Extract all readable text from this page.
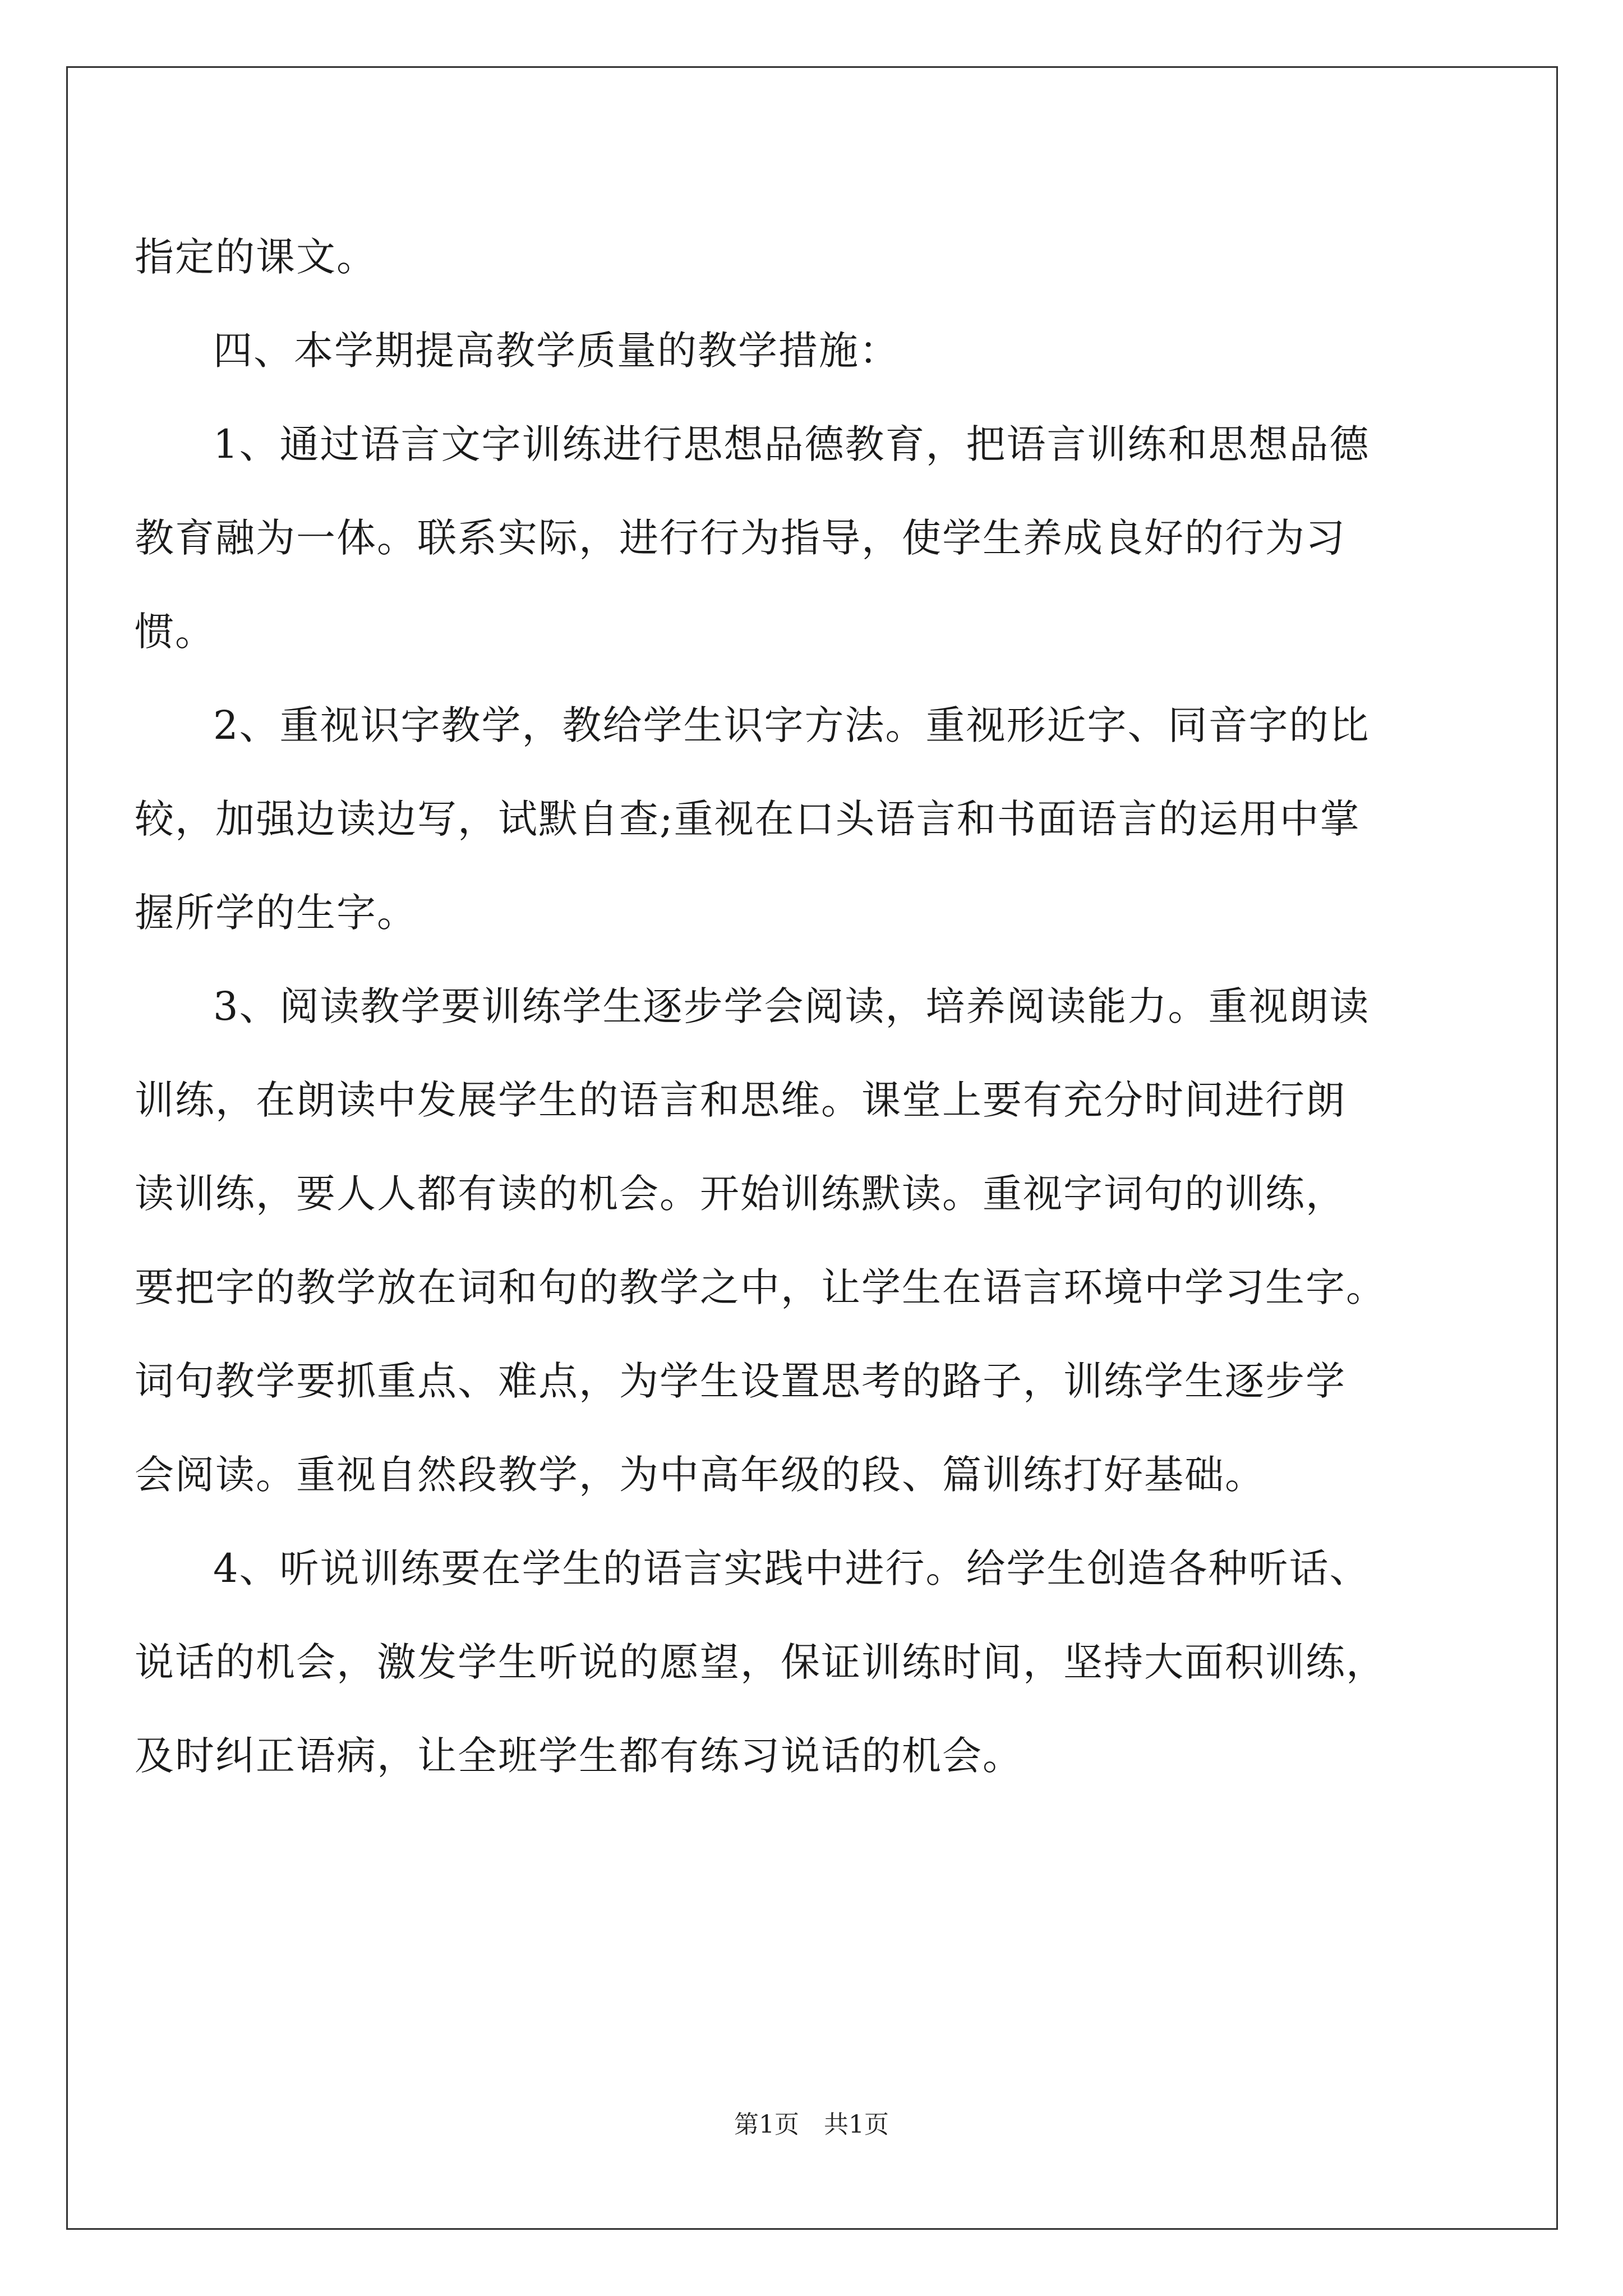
指定的课文。
四、本学期提高教学质量的教学措施：
1、通过语言文字训练进行思想品德教育，把语言训练和思想品德
教育融为一体。联系实际，进行行为指导，使学生养成良好的行为习
惯。
2、重视识字教学，教给学生识字方法。重视形近字、同音字的比
较，加强边读边写，试默自查;重视在口头语言和书面语言的运用中掌
握所学的生字。
3、阅读教学要训练学生逐步学会阅读，培养阅读能力。重视朗读
训练，在朗读中发展学生的语言和思维。课堂上要有充分时间进行朗
读训练，要人人都有读的机会。开始训练默读。重视字词句的训练，
要把字的教学放在词和句的教学之中，让学生在语言环境中学习生字。
词句教学要抓重点、难点，为学生设置思考的路子，训练学生逐步学
会阅读。重视自然段教学，为中高年级的段、篇训练打好基础。
4、听说训练要在学生的语言实践中进行。给学生创造各种听话、
说话的机会，激发学生听说的愿望，保证训练时间，坚持大面积训练，
及时纠正语病，让全班学生都有练习说话的机会。
第1页　共1页
